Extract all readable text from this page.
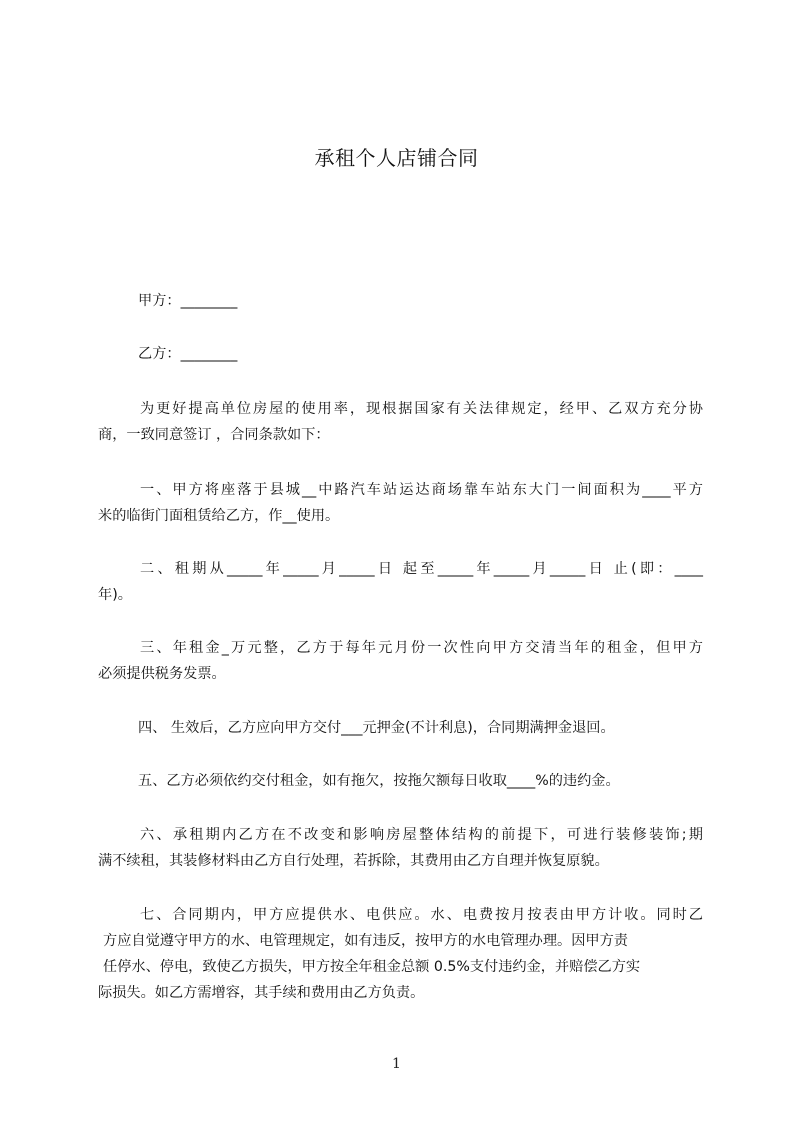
承租个人店铺合同
甲方：________
乙方：________
为更好提高单位房屋的使用率，现根据国家有关法律规定，经甲、乙双方充分协
商，一致同意签订 ，合同条款如下：
一、甲方将座落于县城__中路汽车站运达商场靠车站东大门一间面积为____平方
米的临街门面租赁给乙方，作__使用。
二、租期从_____年_____月_____日 起至_____年_____月_____日 止(即：____
年)。
三、年租金_万元整，乙方于每年元月份一次性向甲方交清当年的租金，但甲方
必须提供税务发票。
四、 生效后，乙方应向甲方交付___元押金(不计利息)，合同期满押金退回。
五、乙方必须依约交付租金，如有拖欠，按拖欠额每日收取____%的违约金。
六、承租期内乙方在不改变和影响房屋整体结构的前提下，可进行装修装饰;期
满不续租，其装修材料由乙方自行处理，若拆除，其费用由乙方自理并恢复原貌。
七、合同期内，甲方应提供水、电供应。水、电费按月按表由甲方计收。同时乙
方应自觉遵守甲方的水、电管理规定，如有违反，按甲方的水电管理办理。因甲方责
任停水、停电，致使乙方损失，甲方按全年租金总额 0.5%支付违约金，并赔偿乙方实
际损失。如乙方需增容，其手续和费用由乙方负责。
1
